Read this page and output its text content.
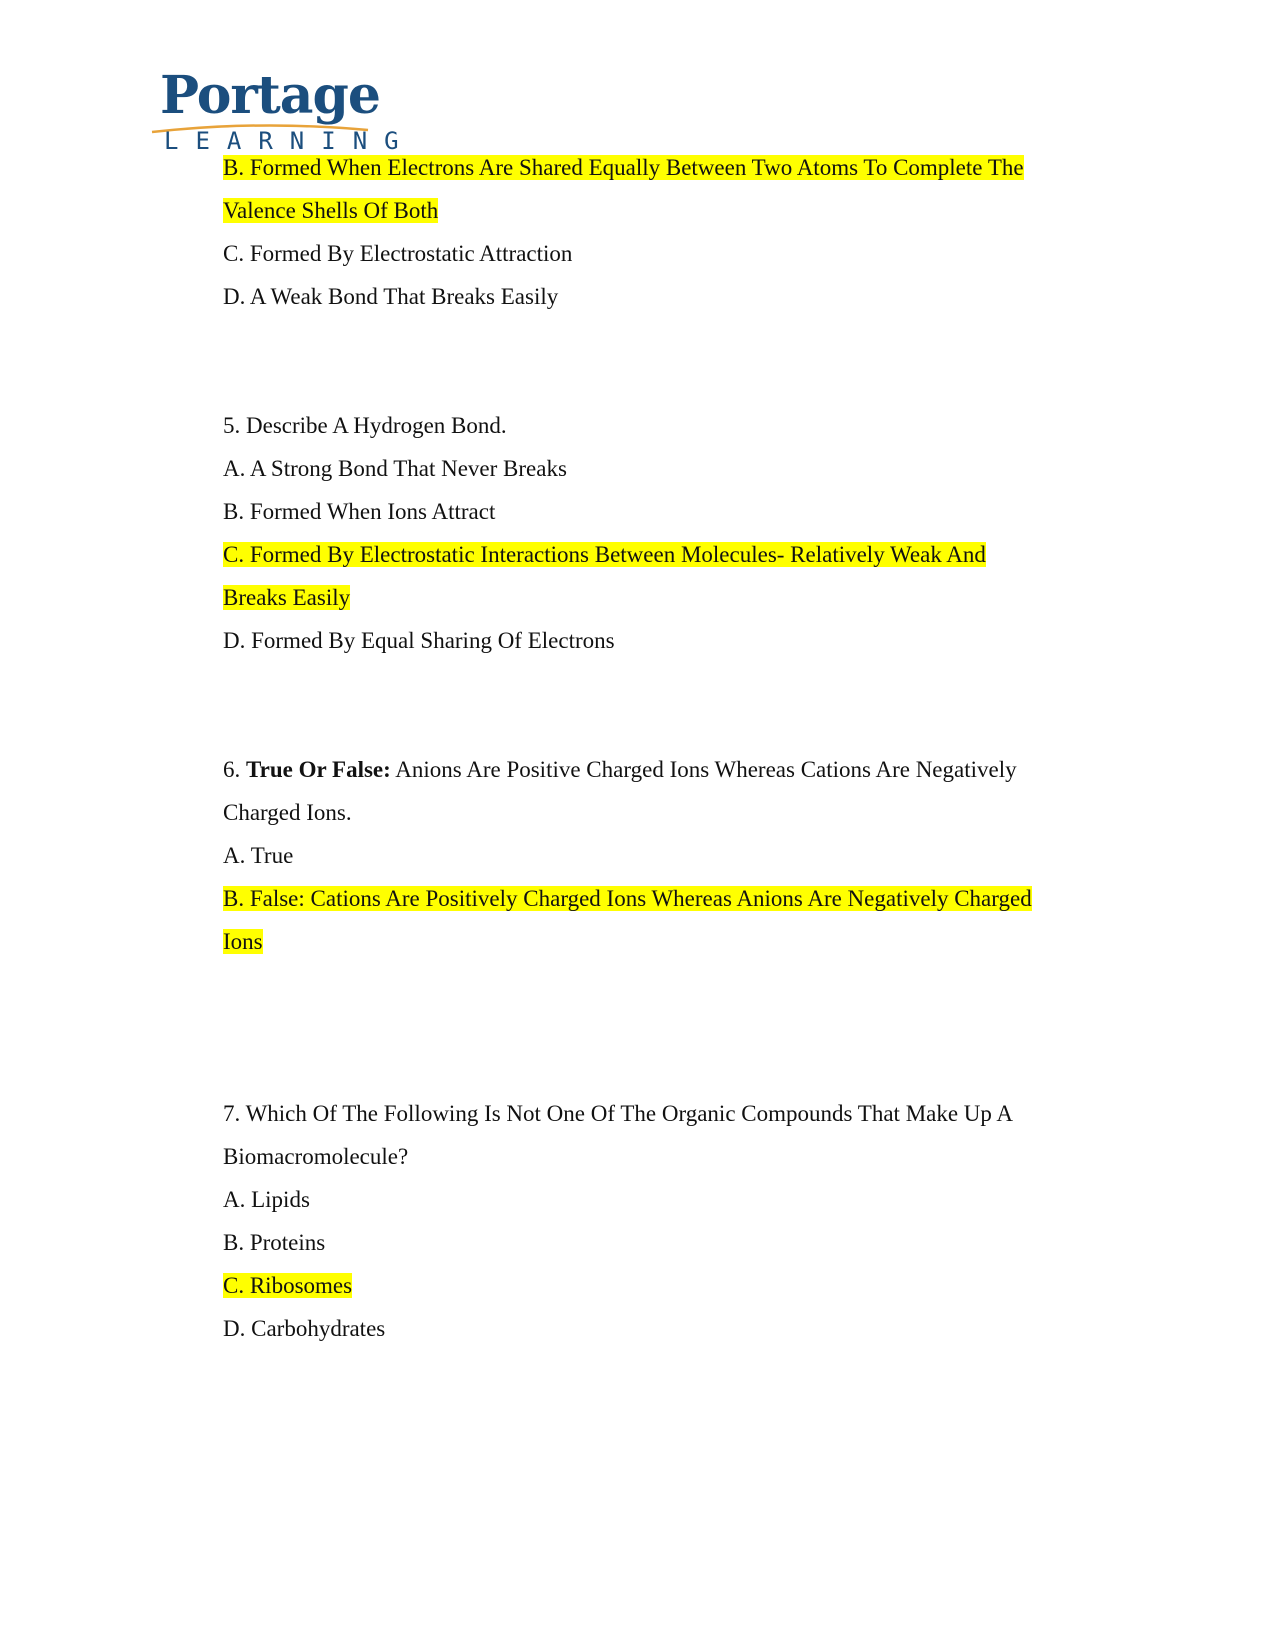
Portage
LEARNING
B. Formed When Electrons Are Shared Equally Between Two Atoms To Complete The
Valence Shells Of Both
C. Formed By Electrostatic Attraction
D. A Weak Bond That Breaks Easily
5. Describe A Hydrogen Bond.
A. A Strong Bond That Never Breaks
B. Formed When Ions Attract
C. Formed By Electrostatic Interactions Between Molecules- Relatively Weak And
Breaks Easily
D. Formed By Equal Sharing Of Electrons
6. True Or False: Anions Are Positive Charged Ions Whereas Cations Are Negatively
Charged Ions.
A. True
B. False: Cations Are Positively Charged Ions Whereas Anions Are Negatively Charged
Ions
7. Which Of The Following Is Not One Of The Organic Compounds That Make Up A
Biomacromolecule?
A. Lipids
B. Proteins
C. Ribosomes
D. Carbohydrates
